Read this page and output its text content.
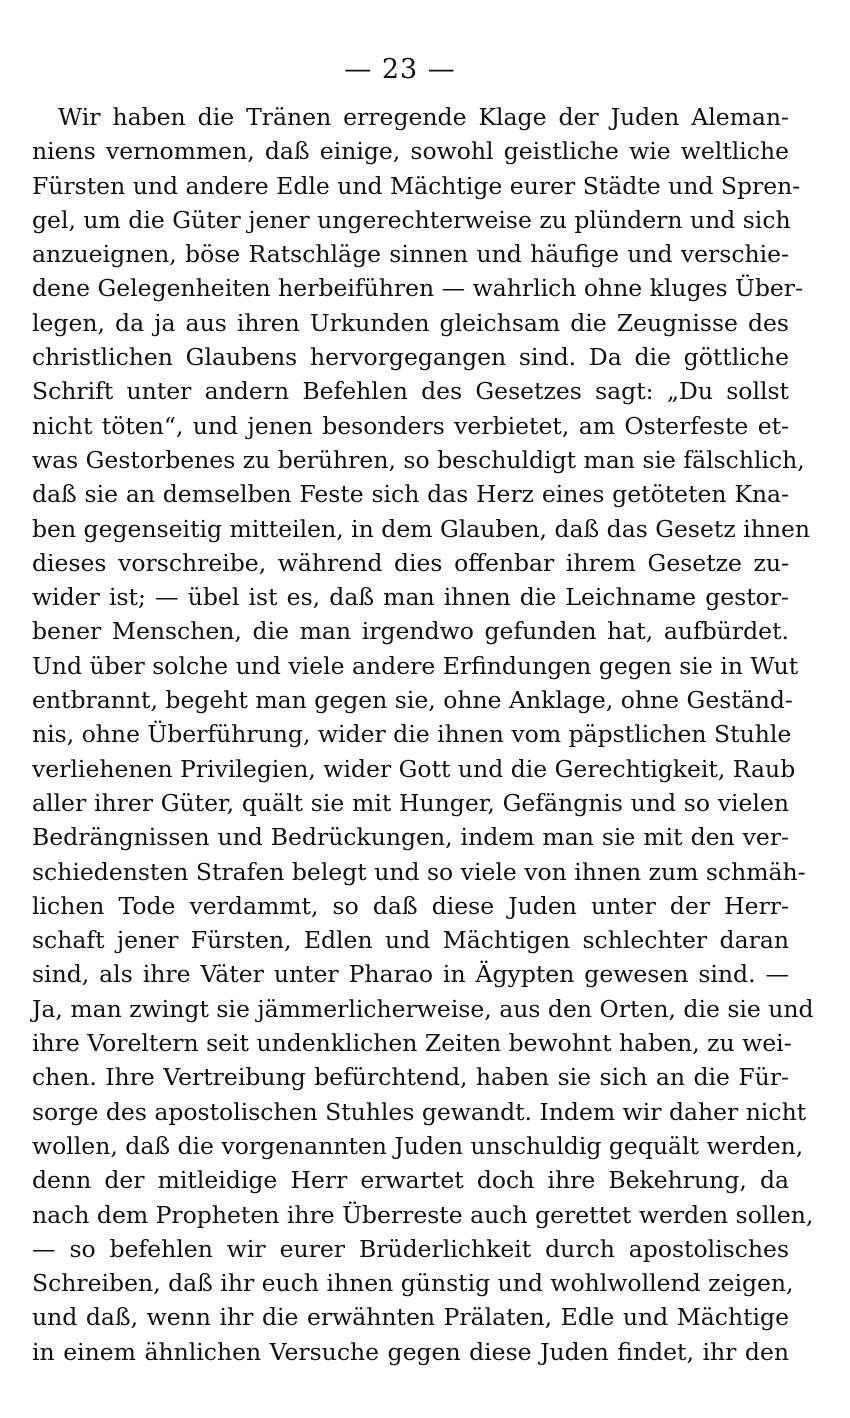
— 23 —
Wir haben die Tränen erregende Klage der Juden Aleman-
niens vernommen, daß einige, sowohl geistliche wie weltliche
Fürsten und andere Edle und Mächtige eurer Städte und Spren-
gel, um die Güter jener ungerechterweise zu plündern und sich
anzueignen, böse Ratschläge sinnen und häufige und verschie-
dene Gelegenheiten herbeiführen — wahrlich ohne kluges Über-
legen, da ja aus ihren Urkunden gleichsam die Zeugnisse des
christlichen Glaubens hervorgegangen sind. Da die göttliche
Schrift unter andern Befehlen des Gesetzes sagt: „Du sollst
nicht töten“, und jenen besonders verbietet, am Osterfeste et-
was Gestorbenes zu berühren, so beschuldigt man sie fälschlich,
daß sie an demselben Feste sich das Herz eines getöteten Kna-
ben gegenseitig mitteilen, in dem Glauben, daß das Gesetz ihnen
dieses vorschreibe, während dies offenbar ihrem Gesetze zu-
wider ist; — übel ist es, daß man ihnen die Leichname gestor-
bener Menschen, die man irgendwo gefunden hat, aufbürdet.
Und über solche und viele andere Erfindungen gegen sie in Wut
entbrannt, begeht man gegen sie, ohne Anklage, ohne Geständ-
nis, ohne Überführung, wider die ihnen vom päpstlichen Stuhle
verliehenen Privilegien, wider Gott und die Gerechtigkeit, Raub
aller ihrer Güter, quält sie mit Hunger, Gefängnis und so vielen
Bedrängnissen und Bedrückungen, indem man sie mit den ver-
schiedensten Strafen belegt und so viele von ihnen zum schmäh-
lichen Tode verdammt, so daß diese Juden unter der Herr-
schaft jener Fürsten, Edlen und Mächtigen schlechter daran
sind, als ihre Väter unter Pharao in Ägypten gewesen sind. —
Ja, man zwingt sie jämmerlicherweise, aus den Orten, die sie und
ihre Voreltern seit undenklichen Zeiten bewohnt haben, zu wei-
chen. Ihre Vertreibung befürchtend, haben sie sich an die Für-
sorge des apostolischen Stuhles gewandt. Indem wir daher nicht
wollen, daß die vorgenannten Juden unschuldig gequält werden,
denn der mitleidige Herr erwartet doch ihre Bekehrung, da
nach dem Propheten ihre Überreste auch gerettet werden sollen,
— so befehlen wir eurer Brüderlichkeit durch apostolisches
Schreiben, daß ihr euch ihnen günstig und wohlwollend zeigen,
und daß, wenn ihr die erwähnten Prälaten, Edle und Mächtige
in einem ähnlichen Versuche gegen diese Juden findet, ihr den
